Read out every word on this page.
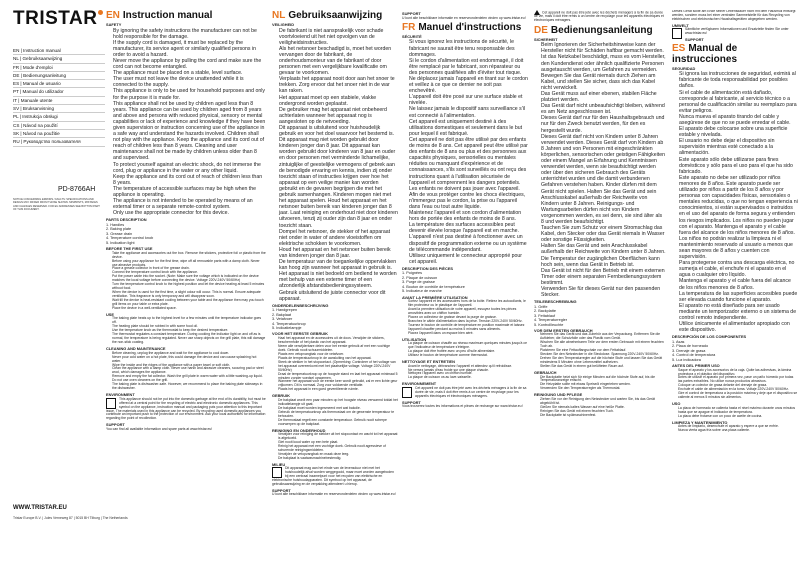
TRISTAR
EN | Instruction manual
NL | Gebruiksaanwijzing
FR | Mode d'emploi
DE | Bedienungsanleitung
ES | Manual de usuario
PT | Manual do utilizador
IT | Manuale utente
SV | Bruksanvisning
PL | Instrukcja obsługi
CS | Návod na použití
SK | Návod na použitie
RU | Руководство пользователя
PD-8766AH
NOTICE CONCERNING ERRORS / FAULTS: SPECIFICATIONS AND DESIGN MAY DIFFER FROM THOSE SHOWN. MISPRINTS, MISTAKES AND CHANGES RESERVED. FOR EU ADDRESSES SEE BOTTOM PART OF THIS DOCUMENT.
WWW.TRISTAR.EU
Tristar Europe B.V. | Jules Verneweg 87 | 5015 BH Tilburg | The Netherlands
EN Instruction manual
SAFETY
• By ignoring the safety instructions the manufacturer can not be hold responsible for the damage.
• If the supply cord is damaged, it must be replaced by the manufacturer, its service agent or similarly qualified persons in order to avoid a hazard.
• Never move the appliance by pulling the cord and make sure the cord can not become entangled.
• The appliance must be placed on a stable, level surface.
• The user must not leave the device unattended while it is connected to the supply.
• This appliance is only to be used for household purposes and only for the purpose it is made for.
• This appliance shall not be used by children aged less than 8 years. This appliance can be used by children aged from 8 years and above and persons with reduced physical, sensory or mental capabilities or lack of experience and knowledge if they have been given supervision or instruction concerning use of the appliance in a safe way and understand the hazards involved. Children shall not play with the appliance. Keep the appliance and its cord out of reach of children less than 8 years. Cleaning and user maintenance shall not be made by children unless older than 8 and supervised.
• To protect yourself against an electric shock, do not immerse the cord, plug or appliance in the water or any other liquid.
• Keep the appliance and its cord out of reach of children less than 8 years.
• The temperature of accessible surfaces may be high when the appliance is operating.
• The appliance is not intended to be operated by means of an external timer or a separate remote-control system.
• Only use the appropriate connector for this device.
PARTS DESCRIPTION
1. Handles
2. Baking plate
3. Grease drain
4. Temperature control knob
5. Indication light
BEFORE THE FIRST USE
• Take the appliance and accessories out the box. Remove the stickers, protective foil or plastic from the device.
• Before using your appliance for the first time, wipe off all removable parts with a damp cloth. Never use abrasive products.
• Place a grease collector in front of the grease drain.
• Connect the temperature control knob with the appliance.
• Put the power cable into the socket. (Note: Make sure the voltage which is indicated on the device matches the local voltage before connecting the device. Voltage 220V-240V 50/60Hz)
• Turn the temperature control knob to the highest position and let the device heating at least 5 minutes without food.
• When the device is used for the first time, a slight odour will occur. This is normal. Ensure adequate ventilation. This fragrance is only temporary and will disappear soon.
• Wait till the device is heat-resistant cooling between your table and the appliance then may you touch grill items on your table or extra plate.
• Place the device in a well-ventilated space.
USE
• The baking plate heats up to the highest level for a few minutes until the temperature indicator goes off.
• The heating plate should be rubbed in with some food oil.
• Use the temperature knob as the thermostat to keep the desired temperature.
• The thermostat regulates a constant temperature. During cooking the indicator light on and off as is normal, the temperature is being regulated. Never use sharp objects on the grill plate, this will damage the non-stick coating.
CLEANING AND MAINTENANCE
• Before cleaning, unplug the appliance and wait for the appliance to cool down.
• Never pour cold water on a hot plate, this could damage the device and can cause splashing hot water.
• Wipe the inside and the ridges of the appliance with a paper towel or soft cloth.
• Clean the appliance with a damp cloth. Never use harsh and abrasive cleaners, scouring pad or steel wool, which damages the appliance.
• Remove and empty the fat collector. Wash the grill plate in warm water with a little washing-up liquid.
• Do not use oven cleaners on the grill.
• The baking plate is dishwasher-safe. However, we recommend to place the baking plate sideways in the dishwasher.
ENVIRONMENT

This appliance should not be put into the domestic garbage at the end of its durability, but must be offered at a central point for the recycling of electric and electronic domestic appliances. This symbol on the appliance, instruction manual and packaging puts your attention to this important issue. The materials used in this appliance can be recycled. By recycling used domestic appliances you contribute an important push to the protection of our environment. Ask your local authorities for information regarding the point of recollection.

SUPPORT

You can find all available information and spare parts at www.tristar.eu!

NL Gebruiksaanwijzing
VEILIGHEID
• De fabrikant is niet aansprakelijk voor schade voortvloeiend uit het niet opvolgen van de veiligheidsinstructies.
• Als het netsnoer beschadigd is, moet het worden vervangen door de fabrikant, de onderhoudsmonteur van de fabrikant of door personen met een vergelijkbare kwalificatie om gevaar te voorkomen.
• Verplaats het apparaat nooit door aan het snoer te trekken. Zorg ervoor dat het snoer niet in de war kan raken.
• Het apparaat moet op een stabiele, vlakke ondergrond worden geplaatst.
• De gebruiker mag het apparaat niet onbeheerd achterlaten wanneer het apparaat nog is aangesloten op de netvoeding.
• Dit apparaat is uitsluitend voor huishoudelijk gebruik en voor het doel waarvoor het bestemd is.
• Dit apparaat mag niet worden gebruikt door kinderen jonger dan 8 jaar. Dit apparaat kan worden gebruikt door kinderen van 8 jaar en ouder en door personen met verminderde lichamelijke, zintuiglijke of geestelijke vermogens of gebrek aan de benodigde ervaring en kennis, indien zij onder toezicht staan of instructies krijgen over hoe het apparaat op een veilige manier kan worden gebruikt en de gevaren begrijpen die met het gebruik samenhangen. Kinderen mogen niet met het apparaat spelen. Houd het apparaat en het netsnoer buiten bereik van kinderen jonger dan 8 jaar. Laat reiniging en onderhoud niet door kinderen uitvoeren, tenzij zij ouder zijn dan 8 jaar en onder toezicht staan.
• Dompel het netsnoer, de stekker of het apparaat niet onder in water of andere vloeistoffen om elektrische schokken te voorkomen.
• Houd het apparaat en het netsnoer buiten bereik van kinderen jonger dan 8 jaar.
• De temperatuur van de toegankelijke oppervlakken kan hoog zijn wanneer het apparaat in gebruik is.
• Het apparaat is niet bedoeld om bediend te worden met behulp van een externe timer of een afzonderlijk afstandsbedieningssysteem.
• Gebruik uitsluitend de juiste connector voor dit apparaat.
ONDERDELENBESCHRIJVING
1. Handgrepen
2. Bakplaat
3. Vetafvoer
4. Temperatuurknop
5. Indicatielampje
VOOR HET EERSTE GEBRUIK
• Haal het apparaat en de accessoires uit de doos. Verwijder de stickers, beschermfolie of het plastic van het apparaat.
• Neem alle verwijderbare delen voor het eerste gebruik af met een vochtige doek. Gebruik nooit schuurmiddelen.
• Plaats een vetopvangbak voor de vetafvoer.
• Plaats de temperatuurknop in de aansluiting van het apparaat.
• Steek de stekker in het stopcontact. (Opmerking: Controleer of het voltage van het apparaat overeenkomt met het plaatselijke voltage. Voltage 220V-240V 50/60Hz)
• Draai de temperatuurknop op de hoogste stand en laat het apparaat minimaal 5 minuten zonder voedsel opwarmen.
• Wanneer het apparaat voor de eerste keer wordt gebruikt, zal er een lichte geur vrijkomen. Dit is normaal. Zorg voor voldoende ventilatie.
• Plaats het apparaat in een goed geventileerde ruimte.
GEBRUIK
• De bakplaat wordt een paar minuten op het hoogste niveau verwarmd totdat het indicatielampje uit gaat.
• De bakplaat moet worden ingesmeerd met wat bakolie.
• Gebruik de temperatuurknop als thermostaat om de gewenste temperatuur te behouden.
• De thermostaat regelt een constante temperatuur. Gebruik nooit scherpe voorwerpen op de bakplaat.
REINIGING EN ONDERHOUD
• Verwijder voor reiniging de stekker uit het stopcontact en wacht tot het apparaat is afgekoeld.
• Giet nooit koud water op een hete plaat.
• Reinig het apparaat met een vochtige doek. Gebruik nooit agressieve of schurende reinigingsmiddelen.
• Verwijder de vetopvangbak en maak deze leeg.
• De bakplaat is vaatwasmachinebestendig.
MILIEU

Dit apparaat mag aan het einde van de levensduur niet met het huishoudelijk afval worden weggegooid, maar moet worden aangeboden bij een centraal inzamelpunt voor het recyclen van elektrische en elektronische huishoudapparaten. Dit symbool op het apparaat, de gebruiksaanwijzing en de verpakking attendeert u hierop.

SUPPORT

U kunt alle beschikbare informatie en reserveonderdelen vinden op www.tristar.eu!

SUPPORT

U kunt alle beschikbare informatie en reserveonderdelen vinden op www.tristar.eu!

FR Manuel d'instructions
SÉCURITÉ
• Si vous ignorez les instructions de sécurité, le fabricant ne saurait être tenu responsable des dommages.
• Si le cordon d'alimentation est endommagé, il doit être remplacé par le fabricant, son réparateur ou des personnes qualifiées afin d'éviter tout risque.
• Ne déplacez jamais l'appareil en tirant sur le cordon et veillez à ce que ce dernier ne soit pas enchevêtré.
• L'appareil doit être posé sur une surface stable et nivelée.
• Ne laissez jamais le dispositif sans surveillance s'il est connecté à l'alimentation.
• Cet appareil est uniquement destiné à des utilisations domestiques et seulement dans le but pour lequel il est fabriqué.
• Cet appareil ne doit pas être utilisé par des enfants de moins de 8 ans. Cet appareil peut être utilisé par des enfants de 8 ans ou plus et des personnes aux capacités physiques, sensorielles ou mentales réduites ou manquant d'expérience et de connaissances, s'ils sont surveillés ou ont reçu des instructions quant à l'utilisation sécurisée de l'appareil et comprennent les dangers potentiels. Les enfants ne doivent pas jouer avec l'appareil.
• Afin de vous protéger contre les chocs électriques, n'immergez pas le cordon, la prise ou l'appareil dans l'eau ou tout autre liquide.
• Maintenez l'appareil et son cordon d'alimentation hors de portée des enfants de moins de 8 ans.
• La température des surfaces accessibles peut devenir élevée lorsque l'appareil est en marche.
• L'appareil n'est pas destiné à fonctionner avec un dispositif de programmation externe ou un système de télécommande indépendant.
• Utilisez uniquement le connecteur approprié pour cet appareil.
DESCRIPTION DES PIÈCES
1. Poignées
2. Plaque de cuisson
3. Purge de graisse
4. Bouton de contrôle de température
5. Indicateur de marche
AVANT LA PREMIÈRE UTILISATION
• Sortez l'appareil et les accessoires hors de la boîte. Retirez les autocollants, le film protecteur ou le plastique de l'appareil.
• Avant la première utilisation de votre appareil, essuyez toutes les pièces amovibles avec un chiffon humide.
• Placez un collecteur de graisse devant la purge de graisse.
• Branchez le câble d'alimentation dans la prise. Tension 220V-240V 50/60Hz.
• Tournez le bouton de contrôle de température en position maximale et laissez l'appareil chauffer pendant au moins 5 minutes sans aliments.
• Placez l'appareil dans un espace bien aéré.
UTILISATION
• La plaque de cuisson chauffe au niveau maximum quelques minutes jusqu'à ce que l'indicateur de température s'éteigne.
• La plaque doit être frottée avec un peu d'huile alimentaire.
• Utilisez le bouton de température comme thermostat.
NETTOYAGE ET ENTRETIEN
• Avant le nettoyage, débranchez l'appareil et attendez qu'il refroidisse.
• Ne versez jamais d'eau froide sur une plaque chaude.
• Nettoyez l'appareil avec un chiffon humide.
• La plaque de cuisson va au lave-vaisselle.
ENVIRONNEMENT

Cet appareil ne doit pas être jeté avec les déchets ménagers à la fin de sa durée de vie, mais il doit être remis à un centre de recyclage pour les appareils électriques et électroniques ménagers.

SUPPORT

Vous trouverez toutes les informations et pièces de rechange sur www.tristar.eu !

Cet appareil ne doit pas être jeté avec les déchets ménagers à la fin de sa durée de vie, mais il doit être remis à un centre de recyclage pour les appareils électriques et électroniques ménagers.

DE Bedienungsanleitung
SICHERHEIT
• Beim Ignorieren der Sicherheitshinweise kann der Hersteller nicht für Schäden haftbar gemacht werden.
• Ist das Netzkabel beschädigt, muss es vom Hersteller, den Kundendienst oder ähnlich qualifizierte Personen ausgetauscht werden, um Gefahren zu vermeiden.
• Bewegen Sie das Gerät niemals durch Ziehen am Kabel, und stellen Sie sicher, dass sich das Kabel nicht verwickelt.
• Das Gerät muss auf einer ebenen, stabilen Fläche platziert werden.
• Das Gerät darf nicht unbeaufsichtigt bleiben, während es am Netz angeschlossen ist.
• Dieses Gerät darf nur für den Haushaltsgebrauch und nur für den Zweck benutzt werden, für den es hergestellt wurde.
• Dieses Gerät darf nicht von Kindern unter 8 Jahren verwendet werden. Dieses Gerät darf von Kindern ab 8 Jahren und von Personen mit eingeschränkten körperlichen, sensorischen oder geistigen Fähigkeiten oder einem Mangel an Erfahrung und Kenntnissen verwendet werden, wenn sie beaufsichtigt werden oder über den sicheren Gebrauch des Geräts unterrichtet wurden und die damit verbundenen Gefahren verstehen haben. Kinder dürfen mit dem Gerät nicht spielen. Halten Sie das Gerät und sein Anschlusskabel außerhalb der Reichweite von Kindern unter 8 Jahren. Reinigungs- und Wartungsarbeiten dürfen nicht von Kindern vorgenommen werden, es sei denn, sie sind älter als 8 und werden beaufsichtigt.
• Tauchen Sie zum Schutz vor einem Stromschlag das Kabel, den Stecker oder das Gerät niemals in Wasser oder sonstige Flüssigkeiten.
• Halten Sie das Gerät und sein Anschlusskabel außerhalb der Reichweite von Kindern unter 8 Jahren.
• Die Temperatur der zugänglichen Oberflächen kann hoch sein, wenn das Gerät in Betrieb ist.
• Das Gerät ist nicht für den Betrieb mit einem externen Timer oder einem separaten Fernbedienungssystem bestimmt.
• Verwenden Sie für dieses Gerät nur den passenden Stecker.
TEILEBESCHREIBUNG
1. Griffe
2. Backplatte
3. Fettablauf
4. Temperaturregler
5. Kontrollleuchte
VOR DEM ERSTEN GEBRAUCH
• Nehmen Sie das Gerät und das Zubehör aus der Verpackung. Entfernen Sie die Aufkleber, die Schutzfolie oder das Plastik vom Gerät.
• Wischen Sie alle abnehmbaren Teile vor dem ersten Gebrauch mit einem feuchten Tuch ab.
• Platzieren Sie eine Fettauffangschale vor dem Fettablauf.
• Stecken Sie den Netzstecker in die Steckdose. Spannung 220V-240V 50/60Hz.
• Drehen Sie den Temperaturregler auf die höchste Stufe und lassen Sie das Gerät mindestens 5 Minuten ohne Lebensmittel aufheizen.
• Stellen Sie das Gerät in einem gut belüfteten Raum auf.
GEBRAUCH
• Die Backplatte heizt sich für einige Minuten auf die höchste Stufe auf, bis die Temperaturanzeige erlischt.
• Die Heizplatte sollte mit etwas Speiseöl eingerieben werden.
• Verwenden Sie den Temperaturregler als Thermostat.
REINIGUNG UND PFLEGE
• Ziehen Sie vor der Reinigung den Netzstecker und warten Sie, bis das Gerät abgekühlt ist.
• Gießen Sie niemals kaltes Wasser auf eine heiße Platte.
• Reinigen Sie das Gerät mit einem feuchten Tuch.
• Die Backplatte ist spülmaschinenfest.

Dieses Gerät sollte am Ende seiner Lebensdauer nicht mit dem Hausmüll entsorgt werden, sondern muss bei einer zentralen Sammelstelle für das Recycling von elektrischen und elektronischen Haushaltsgeräten abgegeben werden.

UMWELT

Sämtliche verfügbaren Informationen und Ersatzteile finden Sie unter www.tristar.eu!

SUPPORT
ES Manual de instrucciones
SEGURIDAD
• Si ignora las instrucciones de seguridad, eximirá al fabricante de toda responsabilidad por posibles daños.
• Si el cable de alimentación está dañado, corresponde al fabricante, al servicio técnico o a personal de cualificación similar su reemplazo para evitar peligros.
• Nunca mueva el aparato tirando del cable y asegúrese de que no se puede enredar el cable.
• El aparato debe colocarse sobre una superficie estable y nivelada.
• El usuario no debe dejar el dispositivo sin supervisión mientras esté conectado a la alimentación.
• Este aparato sólo debe utilizarse para fines domésticos y sólo para el uso para el que ha sido fabricado.
• Este aparato no debe ser utilizado por niños menores de 8 años. Este aparato puede ser utilizado por niños a partir de los 8 años y por personas con capacidades físicas, sensoriales o mentales reducidas, o que no tengan experiencia ni conocimientos, si están supervisados o instruidos en el uso del aparato de forma segura y entienden los riesgos implicados. Los niños no pueden jugar con el aparato. Mantenga el aparato y el cable fuera del alcance de los niños menores de 8 años. Los niños no podrán realizar la limpieza ni el mantenimiento reservado al usuario a menos que sean mayores de 8 años y cuenten con supervisión.
• Para protegerse contra una descarga eléctrica, no sumerja el cable, el enchufe ni el aparato en el agua o cualquier otro líquido.
• Mantenga el aparato y el cable fuera del alcance de los niños menores de 8 años.
• La temperatura de las superficies accesibles puede ser elevada cuando funcione el aparato.
• El aparato no está diseñado para ser usado mediante un temporizador externo o un sistema de control remoto independiente.
• Utilice únicamente el alimentador apropiado con este dispositivo.
DESCRIPCIÓN DE LOS COMPONENTES
1. Asas
2. Placa de horneado
3. Drenaje de grasa
4. Control de temperatura
5. Luz indicadora
ANTES DEL PRIMER USO
• Saque el aparato y los accesorios de la caja. Quite las adhesivas, la lámina protectora o el plástico del dispositivo.
• Antes de utilizar el aparato por primera vez, pase un paño húmedo por todas las partes extraíbles. No utilice nunca productos abrasivos.
• Coloque un colector de grasa delante del drenaje de grasa.
• Enchufe el cable de alimentación en la toma. Voltaje 220V-240V 50/60Hz.
• Gire el control de temperatura a la posición máxima y deje que el dispositivo se caliente al menos 5 minutos sin alimentos.
USO
• La placa de horneado se calienta hasta el nivel máximo durante unos minutos hasta que se apague el indicador de temperatura.
• La placa debe frotarse con un poco de aceite de cocina.
LIMPIEZA Y MANTENIMIENTO
• Antes de limpiarlo, desenchufe el aparato y espere a que se enfríe.
• Nunca vierta agua fría sobre una placa caliente.
